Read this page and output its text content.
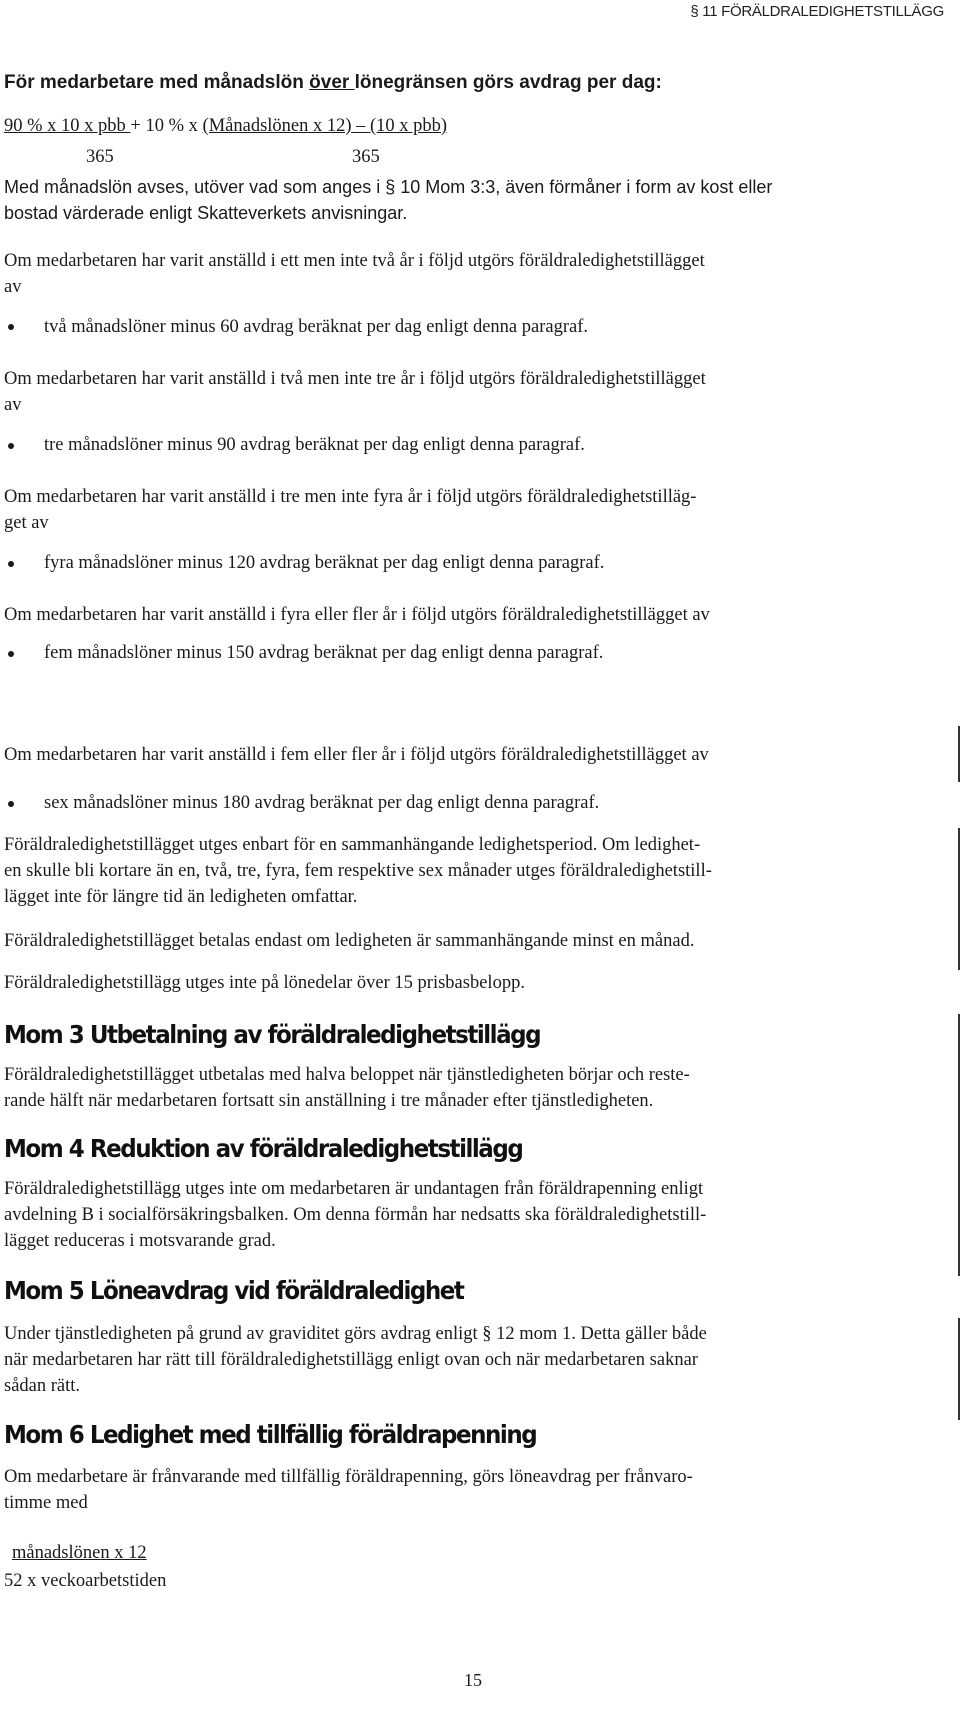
§ 11 FÖRÄLDRALEDIGHETSTILLÄGG

För medarbetare med månadslön över lönegränsen görs avdrag per dag:

90 % x 10 x pbb + 10 % x (Månadslönen x 12) – (10 x pbb)

365	365

Med månadslön avses, utöver vad som anges i § 10 Mom 3:3, även förmåner i form av kost eller
bostad värderade enligt Skatteverkets anvisningar.

Om medarbetaren har varit anställd i ett men inte två år i följd utgörs föräldraledighetstillägget
av

två månadslöner minus 60 avdrag beräknat per dag enligt denna paragraf.

Om medarbetaren har varit anställd i två men inte tre år i följd utgörs föräldraledighetstillägget
av

tre månadslöner minus 90 avdrag beräknat per dag enligt denna paragraf.

Om medarbetaren har varit anställd i tre men inte fyra år i följd utgörs föräldraledighetstilläg-
get av

fyra månadslöner minus 120 avdrag beräknat per dag enligt denna paragraf.

Om medarbetaren har varit anställd i fyra eller fler år i följd utgörs föräldraledighetstillägget av

fem månadslöner minus 150 avdrag beräknat per dag enligt denna paragraf.

Om medarbetaren har varit anställd i fem eller fler år i följd utgörs föräldraledighetstillägget av

sex månadslöner minus 180 avdrag beräknat per dag enligt denna paragraf.

Föräldraledighetstillägget utges enbart för en sammanhängande ledighetsperiod. Om ledighet-
en skulle bli kortare än en, två, tre, fyra, fem respektive sex månader utges föräldraledighetstill-
lägget inte för längre tid än ledigheten omfattar.

Föräldraledighetstillägget betalas endast om ledigheten är sammanhängande minst en månad.

Föräldraledighetstillägg utges inte på lönedelar över 15 prisbasbelopp.

Mom 3 Utbetalning av föräldraledighetstillägg

Föräldraledighetstillägget utbetalas med halva beloppet när tjänstledigheten börjar och reste-
rande hälft när medarbetaren fortsatt sin anställning i tre månader efter tjänstledigheten.

Mom 4 Reduktion av föräldraledighetstillägg

Föräldraledighetstillägg utges inte om medarbetaren är undantagen från föräldrapenning enligt
avdelning B i socialförsäkringsbalken. Om denna förmån har nedsatts ska föräldraledighetstill-
lägget reduceras i motsvarande grad.

Mom 5 Löneavdrag vid föräldraledighet

Under tjänstledigheten på grund av graviditet görs avdrag enligt § 12 mom 1. Detta gäller både
när medarbetaren har rätt till föräldraledighetstillägg enligt ovan och när medarbetaren saknar
sådan rätt.

Mom 6 Ledighet med tillfällig föräldrapenning

Om medarbetare är frånvarande med tillfällig föräldrapenning, görs löneavdrag per frånvaro-
timme med

månadslönen x 12

52 x veckoarbetstiden

15
